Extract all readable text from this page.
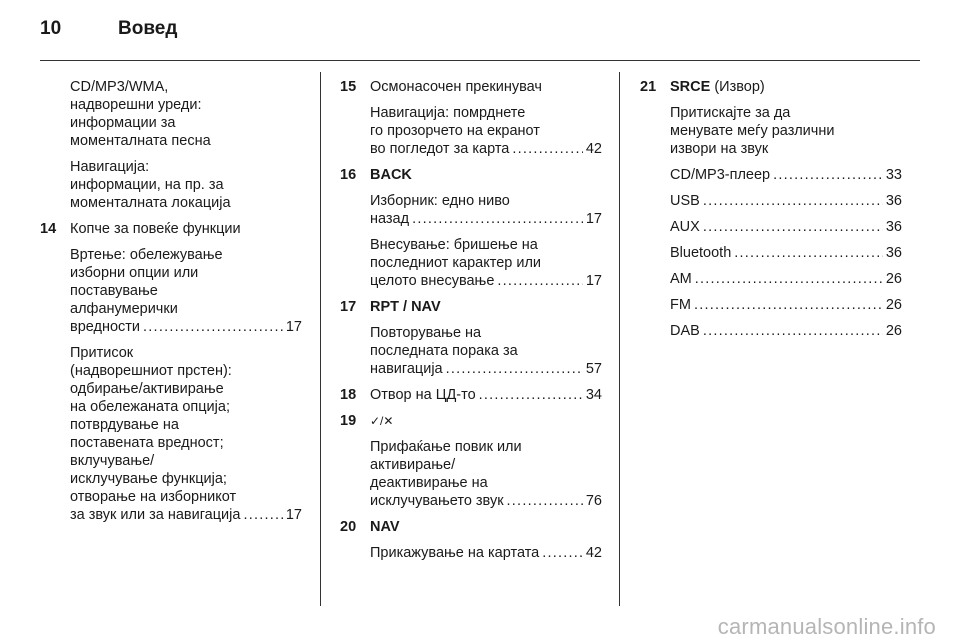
10	Вовед

CD/MP3/WMA,
надворешни уреди:
информации за
моменталната песна

Навигација:
информации, на пр. за
моменталната локација

14 Копче за повеќе функции

Вртење: обележување
изборни опции или
поставување
алфанумерички
вредности . . .	17

Притисок
(надворешниот прстен):
одбирање/активирање
на обележаната опција;
потврдување на
поставената вредност;
вклучување/
исклучување функција;
отворање на изборникот
за звук или за навигација . . .	17

15 Осмонасочен прекинувач

Навигација: помрднете
го прозорчето на екранот
во погледот за карта . . .	42

16 BACK

Изборник: едно ниво
назад . . .	17

Внесување: бришење на
последниот карактер или
целото внесување . . .	17

17 RPT / NAV

Повторување на
последната порака за
навигација . . .	57

18 Отвор на ЦД-то . . .	34

19 ✓/✕

Прифаќање повик или
активирање/
деактивирање на
исклучувањето звук . . .	76

20 NAV

Прикажување на картата . . .	42

21 SRCE (Извор)

Притискајте за да
менувате меѓу различни
извори на звук

CD/MP3-плеер . . .	33

USB . . .	36

AUX . . .	36

Bluetooth . . .	36

AM . . .	26

FM . . .	26

DAB . . .	26

carmanualsonline.info
